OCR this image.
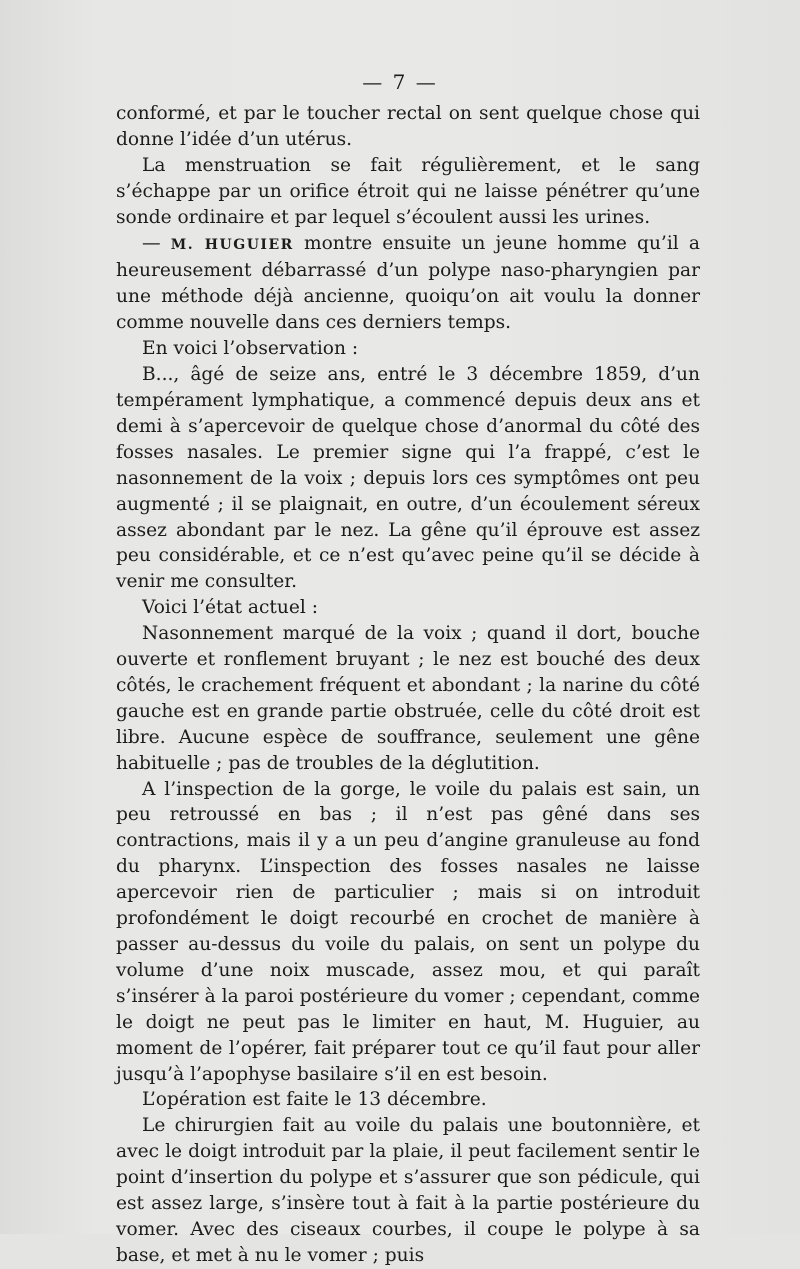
— 7 —

conformé, et par le toucher rectal on sent quelque chose qui donne l’idée d’un utérus.

La menstruation se fait régulièrement, et le sang s’échappe par un orifice étroit qui ne laisse pénétrer qu’une sonde ordinaire et par lequel s’écoulent aussi les urines.

— M. HUGUIER montre ensuite un jeune homme qu’il a heureusement débarrassé d’un polype naso-pharyngien par une méthode déjà ancienne, quoiqu’on ait voulu la donner comme nouvelle dans ces derniers temps.

En voici l’observation :

B..., âgé de seize ans, entré le 3 décembre 1859, d’un tempérament lymphatique, a commencé depuis deux ans et demi à s’apercevoir de quelque chose d’anormal du côté des fosses nasales. Le premier signe qui l’a frappé, c’est le nasonnement de la voix ; depuis lors ces symptômes ont peu augmenté ; il se plaignait, en outre, d’un écoulement séreux assez abondant par le nez. La gêne qu’il éprouve est assez peu considérable, et ce n’est qu’avec peine qu’il se décide à venir me consulter.

Voici l’état actuel :

Nasonnement marqué de la voix ; quand il dort, bouche ouverte et ronflement bruyant ; le nez est bouché des deux côtés, le crachement fréquent et abondant ; la narine du côté gauche est en grande partie obstruée, celle du côté droit est libre. Aucune espèce de souffrance, seulement une gêne habituelle ; pas de troubles de la déglutition.

A l’inspection de la gorge, le voile du palais est sain, un peu retroussé en bas ; il n’est pas gêné dans ses contractions, mais il y a un peu d’angine granuleuse au fond du pharynx. L’inspection des fosses nasales ne laisse apercevoir rien de particulier ; mais si on introduit profondément le doigt recourbé en crochet de manière à passer au-dessus du voile du palais, on sent un polype du volume d’une noix muscade, assez mou, et qui paraît s’insérer à la paroi postérieure du vomer ; cependant, comme le doigt ne peut pas le limiter en haut, M. Huguier, au moment de l’opérer, fait préparer tout ce qu’il faut pour aller jusqu’à l’apophyse basilaire s’il en est besoin.

L’opération est faite le 13 décembre.

Le chirurgien fait au voile du palais une boutonnière, et avec le doigt introduit par la plaie, il peut facilement sentir le point d’insertion du polype et s’assurer que son pédicule, qui est assez large, s’insère tout à fait à la partie postérieure du vomer. Avec des ciseaux courbes, il coupe le polype à sa base, et met à nu le vomer ; puis
